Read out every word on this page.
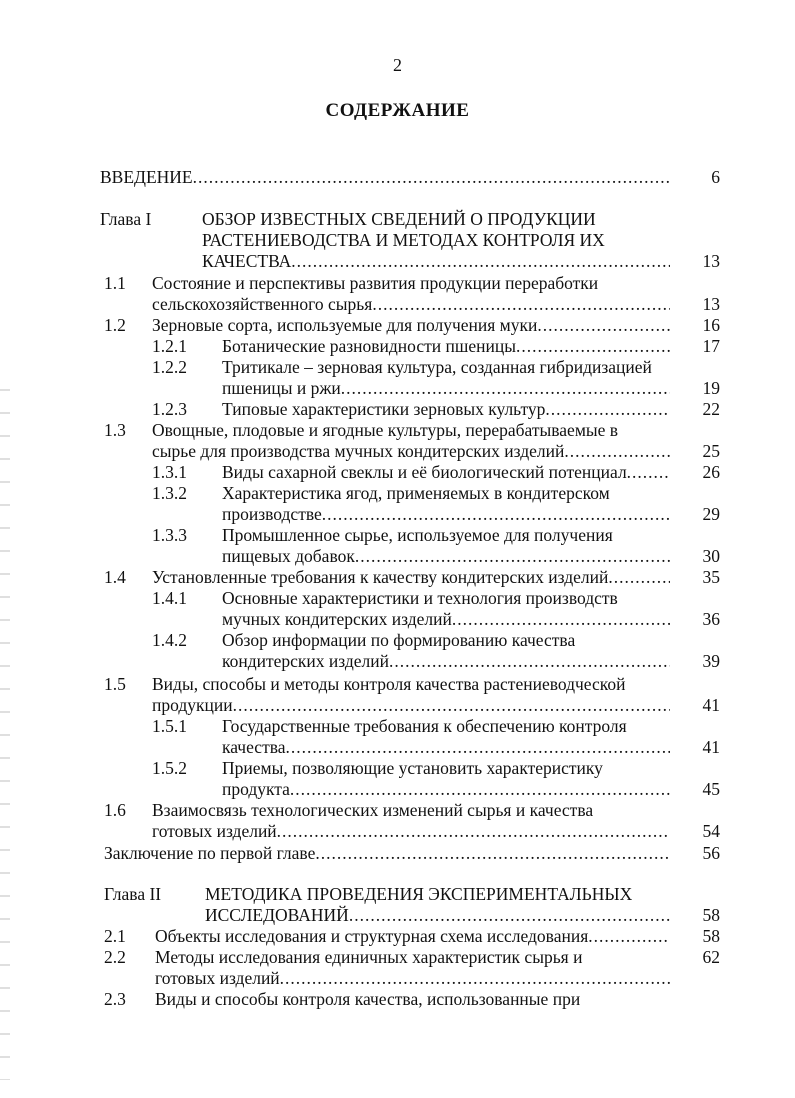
2
СОДЕРЖАНИЕ
ВВЕДЕНИЕ .....	6
Глава I	ОБЗОР ИЗВЕСТНЫХ СВЕДЕНИЙ О ПРОДУКЦИИ
РАСТЕНИЕВОДСТВА И МЕТОДАХ КОНТРОЛЯ ИХ
КАЧЕСТВА .....	13
1.1 Состояние и перспективы развития продукции переработки
сельскохозяйственного сырья .....	13
1.2 Зерновые сорта, используемые для получения муки .....	16
1.2.1 Ботанические разновидности пшеницы .....	17
1.2.2 Тритикале – зерновая культура, созданная гибридизацией
пшеницы и ржи .....	19
1.2.3 Типовые характеристики зерновых культур .....	22
1.3 Овощные, плодовые и ягодные культуры, перерабатываемые в
сырье для производства мучных кондитерских изделий .....	25
1.3.1 Виды сахарной свеклы и её биологический потенциал .....	26
1.3.2 Характеристика ягод, применяемых в кондитерском
производстве .....	29
1.3.3 Промышленное сырье, используемое для получения
пищевых добавок .....	30
1.4 Установленные требования к качеству кондитерских изделий .....	35
1.4.1 Основные характеристики и технология производств
мучных кондитерских изделий .....	36
1.4.2 Обзор информации по формированию качества
кондитерских изделий .....	39
1.5 Виды, способы и методы контроля качества растениеводческой
продукции .....	41
1.5.1 Государственные требования к обеспечению контроля
качества .....	41
1.5.2 Приемы, позволяющие установить характеристику
продукта .....	45
1.6 Взаимосвязь технологических изменений сырья и качества
готовых изделий .....	54
Заключение по первой главе .....	56
Глава II	МЕТОДИКА ПРОВЕДЕНИЯ ЭКСПЕРИМЕНТАЛЬНЫХ
ИССЛЕДОВАНИЙ .....	58
2.1 Объекты исследования и структурная схема исследования .....	58
2.2 Методы исследования единичных характеристик сырья и	62
готовых изделий
.....
2.3 Виды и способы контроля качества, использованные при
